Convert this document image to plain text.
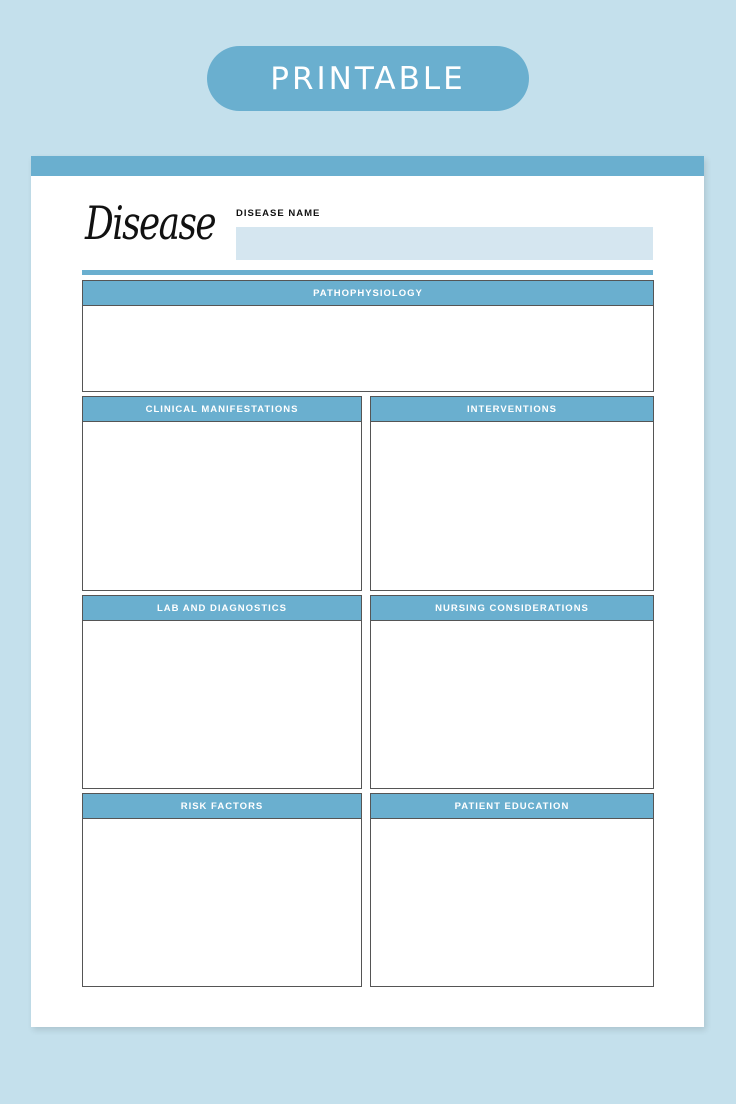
PRINTABLE
Disease DISEASE NAME
PATHOPHYSIOLOGY
CLINICAL MANIFESTATIONS	INTERVENTIONS
LAB AND DIAGNOSTICS	NURSING CONSIDERATIONS
RISK FACTORS	PATIENT EDUCATION
